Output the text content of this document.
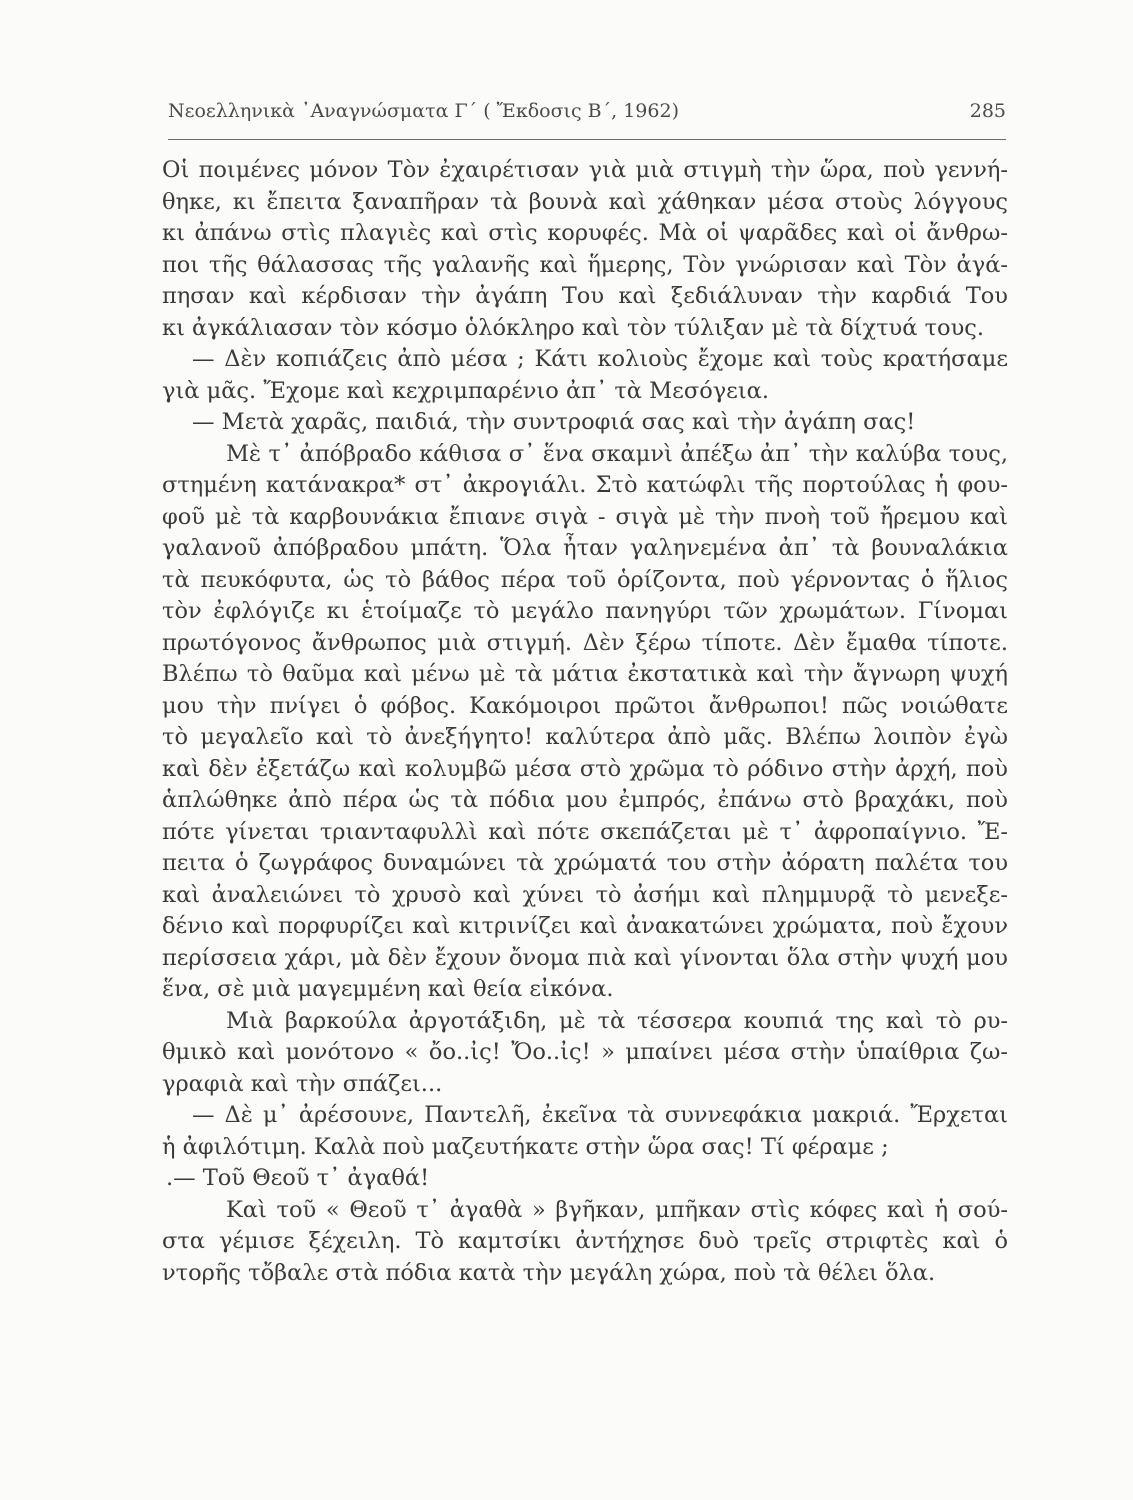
Νεοελληνικὰ ᾿Αναγνώσματα Γ΄ ( Ἔκδοσις Β΄, 1962)	285
Οἱ ποιμένες μόνον Τὸν ἐχαιρέτισαν γιὰ μιὰ στιγμὴ τὴν ὥρα, ποὺ γεννή-
θηκε, κι ἔπειτα ξαναπῆραν τὰ βουνὰ καὶ χάθηκαν μέσα στοὺς λόγγους
κι ἀπάνω στὶς πλαγιὲς καὶ στὶς κορυφές. Μὰ οἱ ψαρᾶδες καὶ οἱ ἄνθρω-
ποι τῆς θάλασσας τῆς γαλανῆς καὶ ἥμερης, Τὸν γνώρισαν καὶ Τὸν ἀγά-
πησαν καὶ κέρδισαν τὴν ἀγάπη Του καὶ ξεδιάλυναν τὴν καρδιά Του
κι ἀγκάλιασαν τὸν κόσμο ὁλόκληρο καὶ τὸν τύλιξαν μὲ τὰ δίχτυά τους.
— Δὲν κοπιάζεις ἀπὸ μέσα ; Κάτι κολιοὺς ἔχομε καὶ τοὺς κρατήσαμε
γιὰ μᾶς. Ἔχομε καὶ κεχριμπαρένιο ἀπ᾿ τὰ Μεσόγεια.
— Μετὰ χαρᾶς, παιδιά, τὴν συντροφιά σας καὶ τὴν ἀγάπη σας!
Μὲ τ᾿ ἀπόβραδο κάθισα σ᾿ ἕνα σκαμνὶ ἀπέξω ἀπ᾿ τὴν καλύβα τους,
στημένη κατάνακρα* στ᾿ ἀκρογιάλι. Στὸ κατώφλι τῆς πορτούλας ἡ φου-
φοῦ μὲ τὰ καρβουνάκια ἔπιανε σιγὰ - σιγὰ μὲ τὴν πνοὴ τοῦ ἤρεμου καὶ
γαλανοῦ ἀπόβραδου μπάτη. Ὅλα ἦταν γαληνεμένα ἀπ᾿ τὰ βουναλάκια
τὰ πευκόφυτα, ὡς τὸ βάθος πέρα τοῦ ὁρίζοντα, ποὺ γέρνοντας ὁ ἥλιος
τὸν ἐφλόγιζε κι ἑτοίμαζε τὸ μεγάλο πανηγύρι τῶν χρωμάτων. Γίνομαι
πρωτόγονος ἄνθρωπος μιὰ στιγμή. Δὲν ξέρω τίποτε. Δὲν ἔμαθα τίποτε.
Βλέπω τὸ θαῦμα καὶ μένω μὲ τὰ μάτια ἐκστατικὰ καὶ τὴν ἄγνωρη ψυχή
μου τὴν πνίγει ὁ φόβος. Κακόμοιροι πρῶτοι ἄνθρωποι! πῶς νοιώθατε
τὸ μεγαλεῖο καὶ τὸ ἀνεξήγητο! καλύτερα ἀπὸ μᾶς. Βλέπω λοιπὸν ἐγὼ
καὶ δὲν ἐξετάζω καὶ κολυμβῶ μέσα στὸ χρῶμα τὸ ρόδινο στὴν ἀρχή, ποὺ
ἁπλώθηκε ἀπὸ πέρα ὡς τὰ πόδια μου ἐμπρός, ἐπάνω στὸ βραχάκι, ποὺ
πότε γίνεται τριανταφυλλὶ καὶ πότε σκεπάζεται μὲ τ᾿ ἀφροπαίγνιο. Ἔ-
πειτα ὁ ζωγράφος δυναμώνει τὰ χρώματά του στὴν ἀόρατη παλέτα του
καὶ ἀναλειώνει τὸ χρυσὸ καὶ χύνει τὸ ἀσήμι καὶ πλημμυρᾷ τὸ μενεξε-
δένιο καὶ πορφυρίζει καὶ κιτρινίζει καὶ ἀνακατώνει χρώματα, ποὺ ἔχουν
περίσσεια χάρι, μὰ δὲν ἔχουν ὄνομα πιὰ καὶ γίνονται ὅλα στὴν ψυχή μου
ἕνα, σὲ μιὰ μαγεμμένη καὶ θεία εἰκόνα.
Μιὰ βαρκούλα ἀργοτάξιδη, μὲ τὰ τέσσερα κουπιά της καὶ τὸ ρυ-
θμικὸ καὶ μονότονο « ὄο..ἰς! Ὄο..ἰς! » μπαίνει μέσα στὴν ὑπαίθρια ζω-
γραφιὰ καὶ τὴν σπάζει...
— Δὲ μ᾿ ἀρέσουνε, Παντελῆ, ἐκεῖνα τὰ συννεφάκια μακριά. Ἔρχεται
ἡ ἀφιλότιμη. Καλὰ ποὺ μαζευτήκατε στὴν ὥρα σας! Τί φέραμε ;
.— Τοῦ Θεοῦ τ᾿ ἀγαθά!
Καὶ τοῦ « Θεοῦ τ᾿ ἀγαθὰ » βγῆκαν, μπῆκαν στὶς κόφες καὶ ἡ σού-
στα γέμισε ξέχειλη. Τὸ καμτσίκι ἀντήχησε δυὸ τρεῖς στριφτὲς καὶ ὁ
ντορῆς τὄβαλε στὰ πόδια κατὰ τὴν μεγάλη χώρα, ποὺ τὰ θέλει ὅλα.
